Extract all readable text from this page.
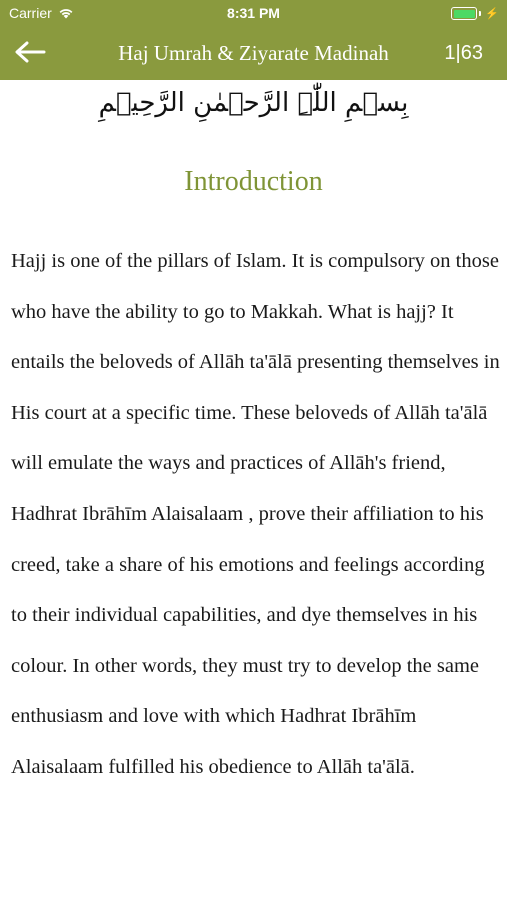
Carrier	8:31 PM	⚡
Haj Umrah & Ziyarate Madinah	1|63
بِسۡمِ اللّٰہِ الرَّحۡمٰنِ الرَّحِیۡمِ
Introduction

Hajj is one of the pillars of Islam. It is compulsory on those who have the ability to go to Makkah. What is hajj? It entails the beloveds of Allāh ta'ālā presenting themselves in His court at a specific time. These beloveds of Allāh ta'ālā will emulate the ways and practices of Allāh's friend, Hadhrat Ibrāhīm Alaisalaam , prove their affiliation to his creed, take a share of his emotions and feelings according to their individual capabilities, and dye themselves in his colour. In other words, they must try to develop the same enthusiasm and love with which Hadhrat Ibrāhīm Alaisalaam fulfilled his obedience to Allāh ta'ālā.
